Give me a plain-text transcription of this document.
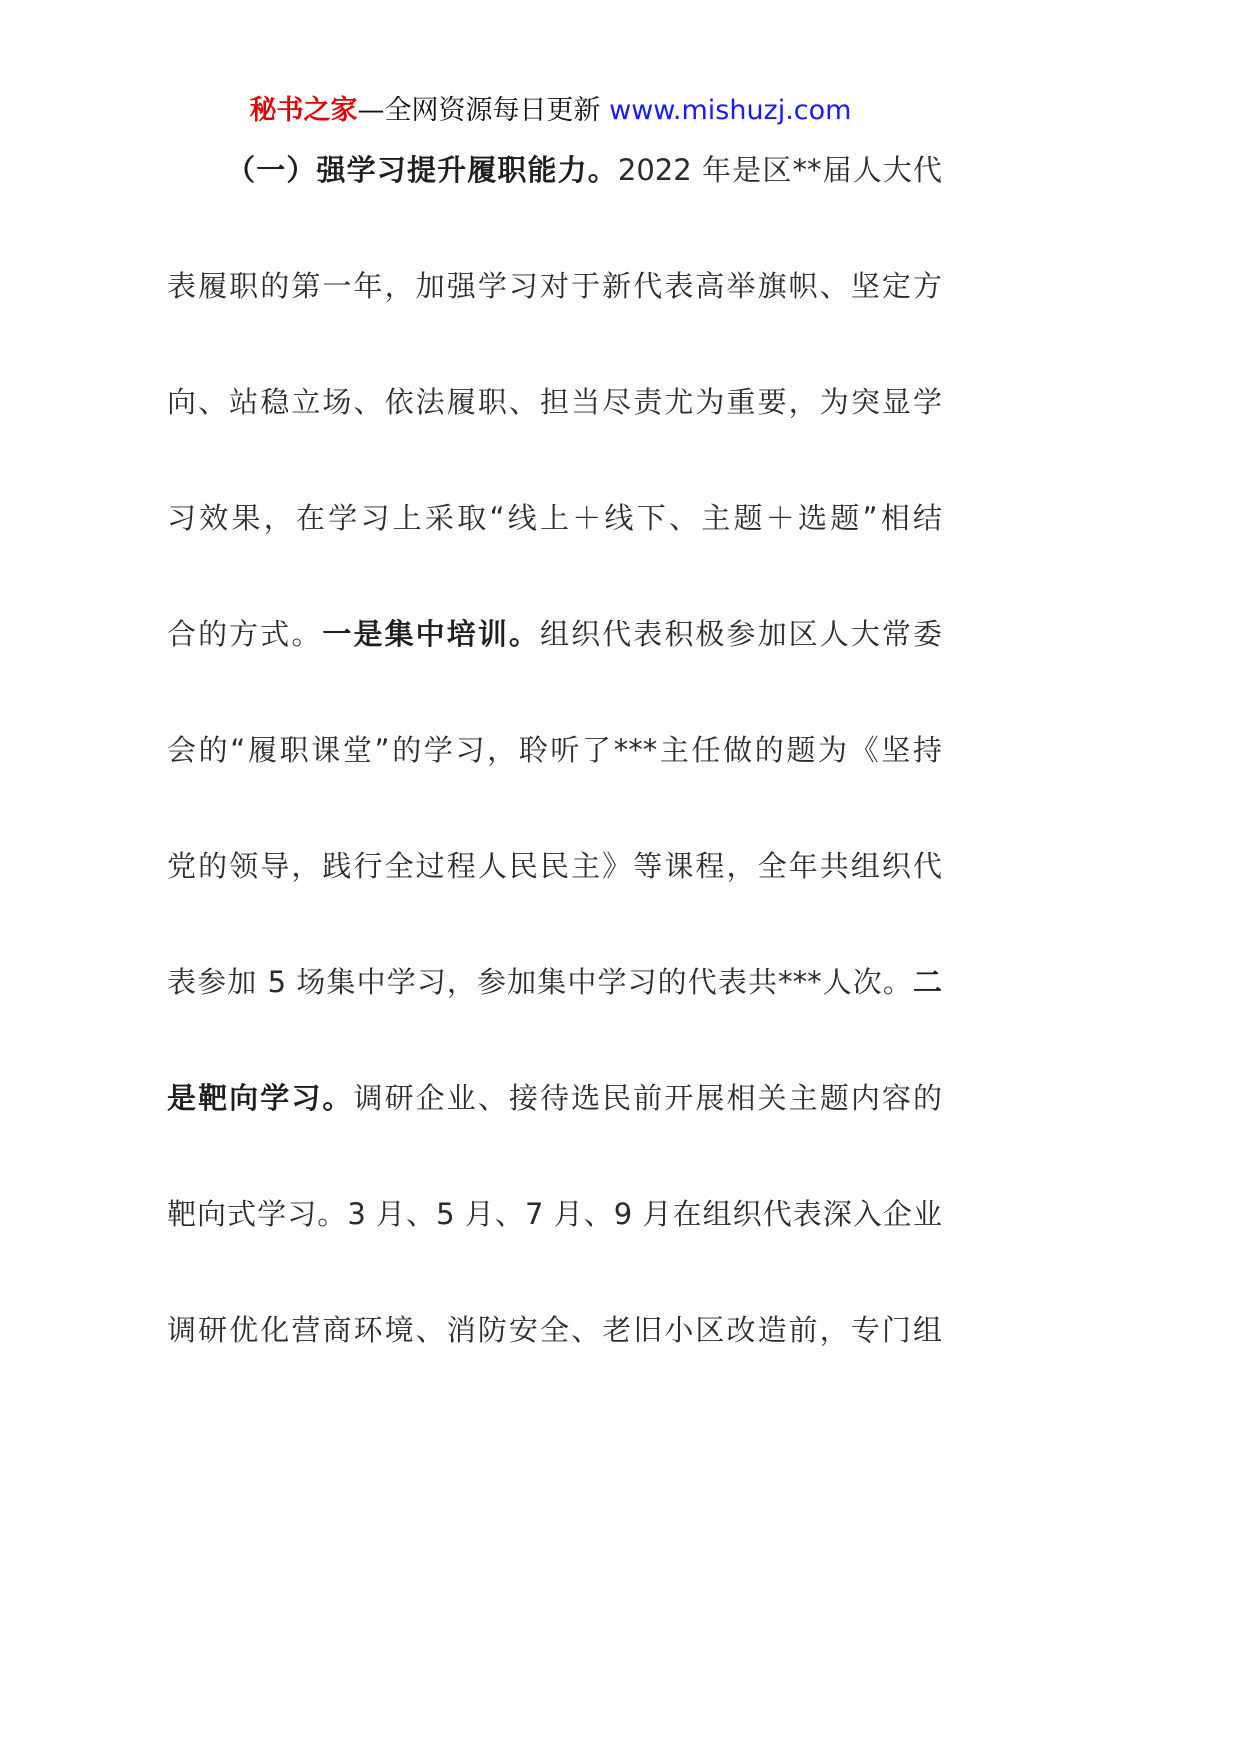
秘书之家—全网资源每日更新 www.mishuzj.com
（一）强学习提升履职能力。2022 年是区**届人大代
表履职的第一年，加强学习对于新代表高举旗帜、坚定方
向、站稳立场、依法履职、担当尽责尤为重要，为突显学
习效果，在学习上采取“线上＋线下、主题＋选题”相结
合的方式。一是集中培训。组织代表积极参加区人大常委
会的“履职课堂”的学习，聆听了***主任做的题为《坚持
党的领导，践行全过程人民民主》等课程，全年共组织代
表参加 5 场集中学习，参加集中学习的代表共***人次。二
是靶向学习。调研企业、接待选民前开展相关主题内容的
靶向式学习。3 月、5 月、7 月、9 月在组织代表深入企业
调研优化营商环境、消防安全、老旧小区改造前，专门组
